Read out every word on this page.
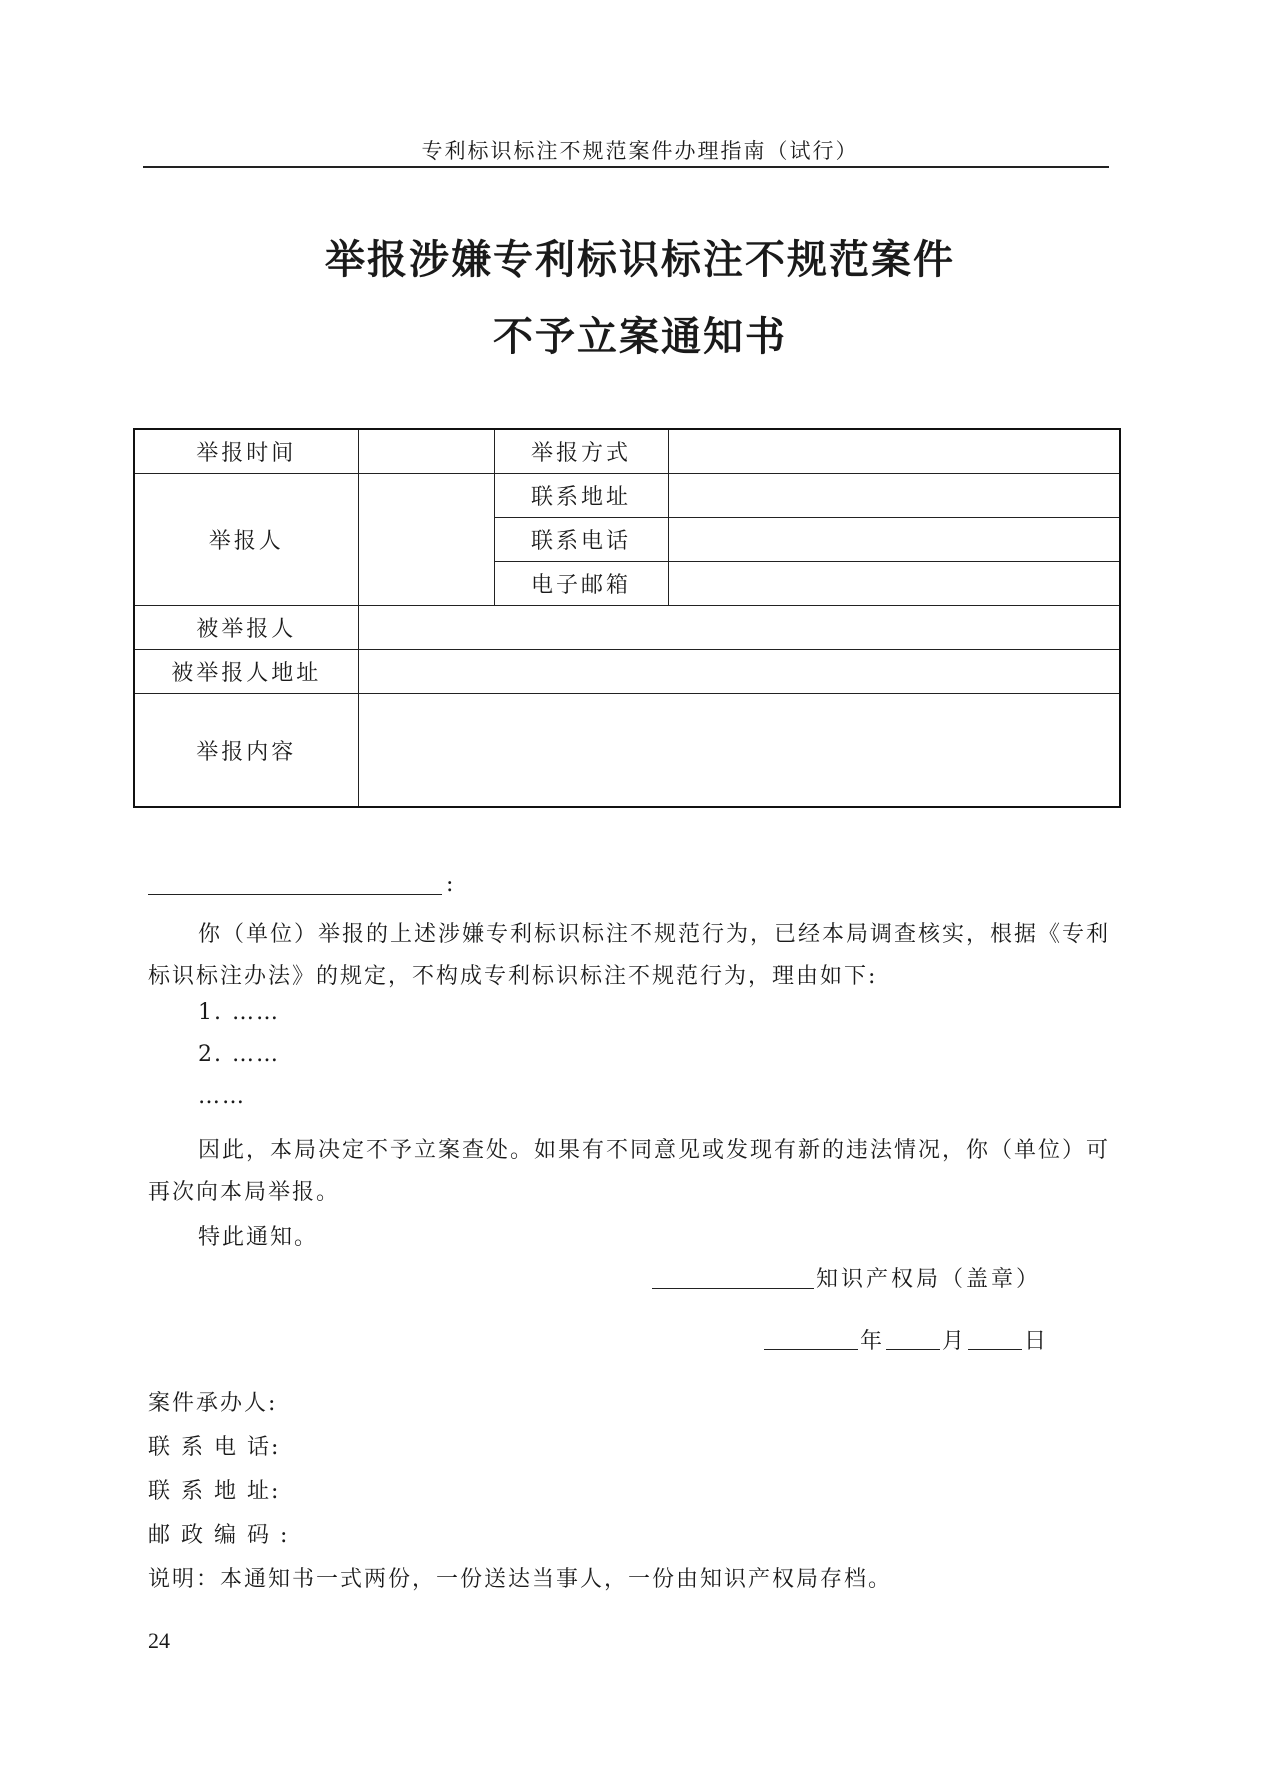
专利标识标注不规范案件办理指南（试行）
举报涉嫌专利标识标注不规范案件
不予立案通知书
举报时间		举报方式	
举报人		联系地址	
		联系电话	
		电子邮箱	
被举报人			
被举报人地址			
举报内容			
:
你（单位）举报的上述涉嫌专利标识标注不规范行为，已经本局调查核实，根据《专利标识标注办法》的规定，不构成专利标识标注不规范行为，理由如下:
1. ……
2. ……
……
因此，本局决定不予立案查处。如果有不同意见或发现有新的违法情况，你（单位）可再次向本局举报。
特此通知。
知识产权局（盖章）
年	月	日
案件承办人:
联 系 电 话:
联 系 地 址:
邮 政 编 码 :
说明：本通知书一式两份，一份送达当事人，一份由知识产权局存档。
24
